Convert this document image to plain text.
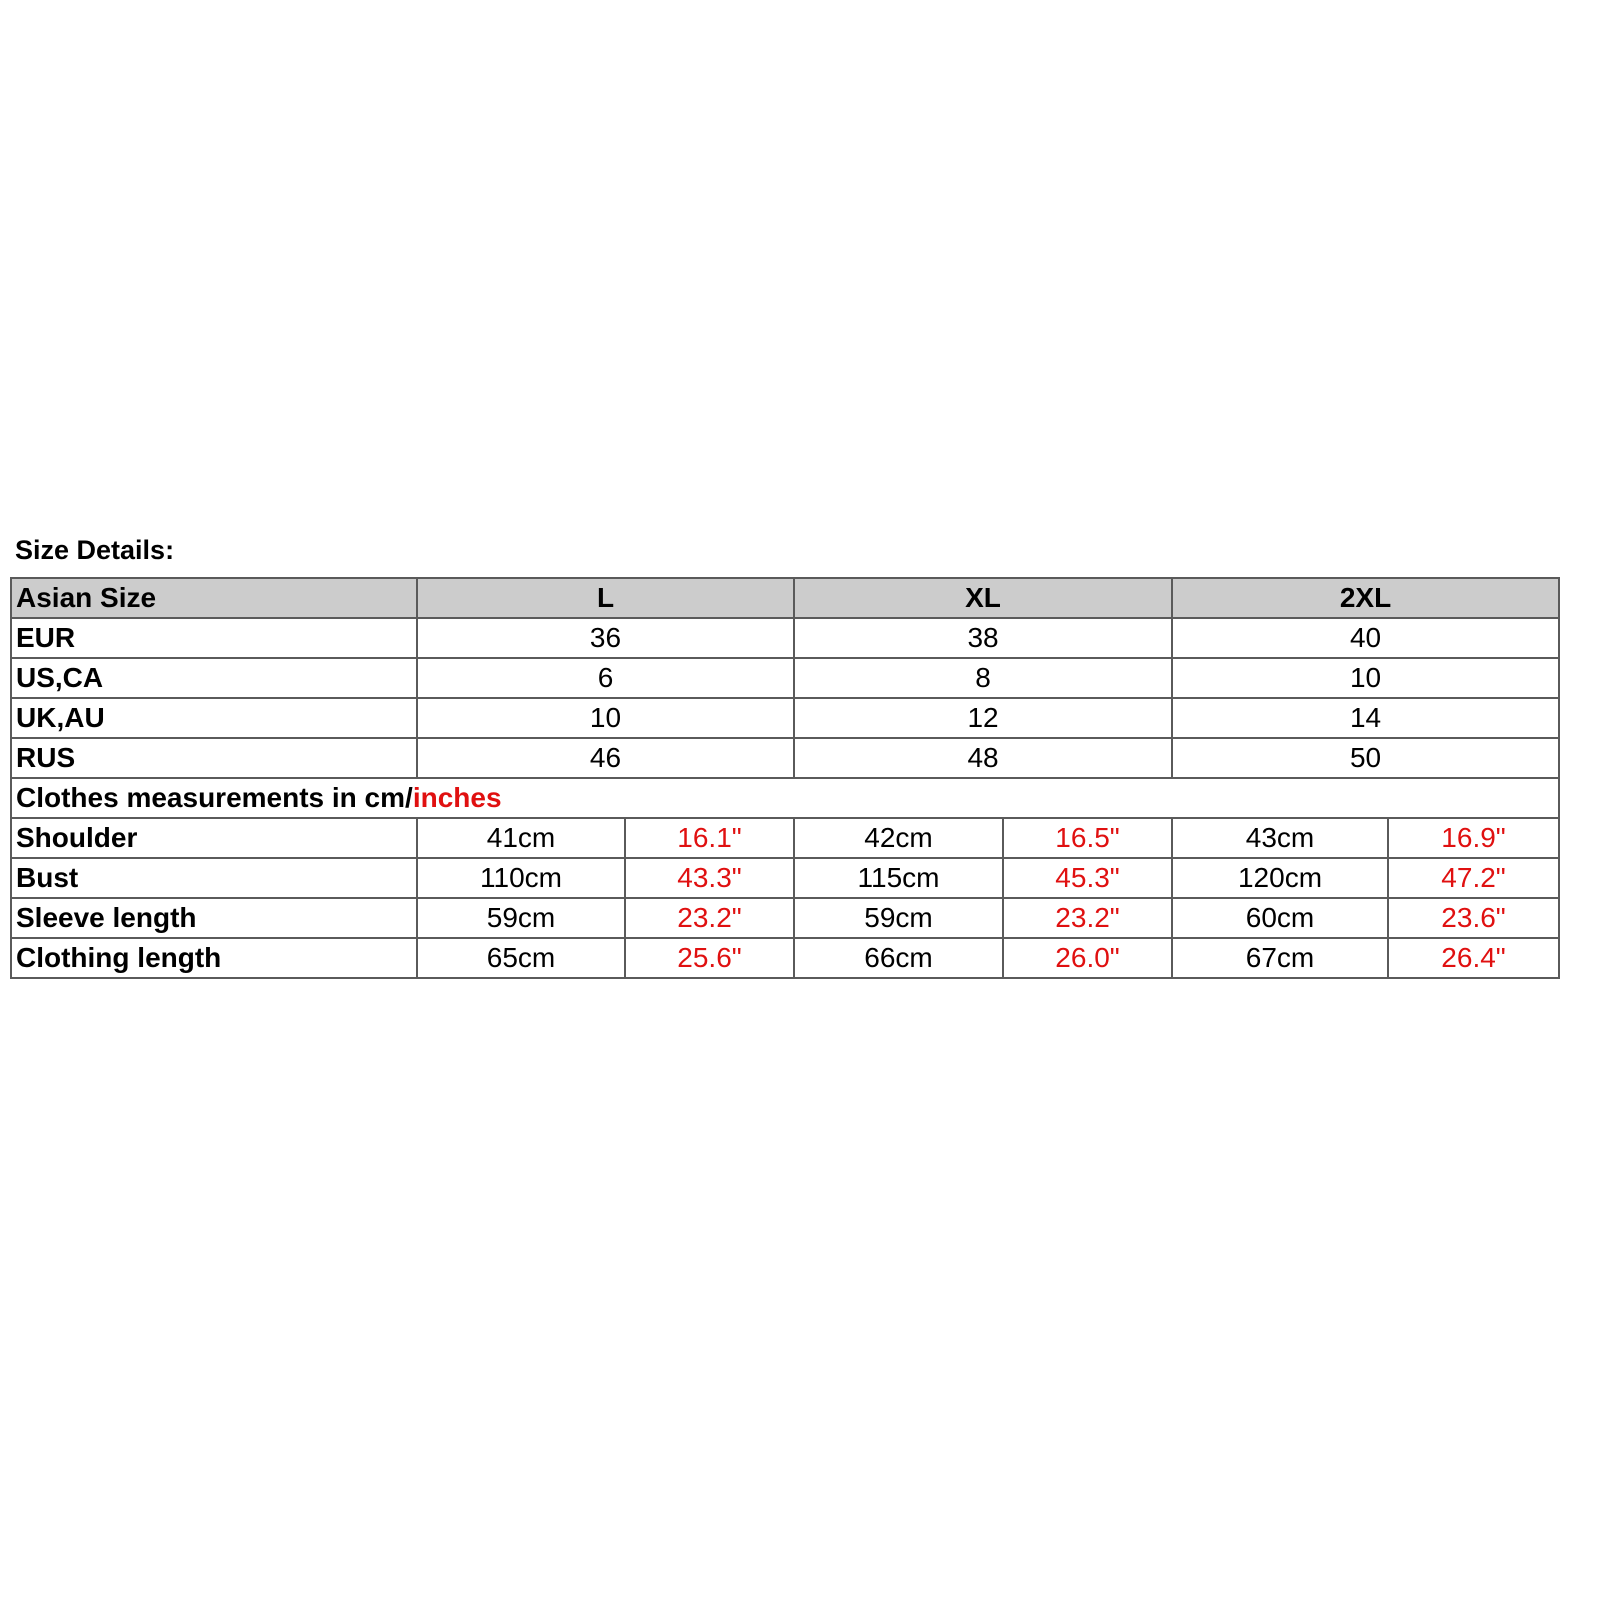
Size Details:
Asian Size	L		XL		2XL	
EUR	36		38		40	
US,CA	6		8		10	
UK,AU	10		12		14	
RUS	46		48		50	
Clothes measurements in cm/inches						
Shoulder	41cm	16.1"	42cm	16.5"	43cm	16.9"
Bust	110cm	43.3"	115cm	45.3"	120cm	47.2"
Sleeve length	59cm	23.2"	59cm	23.2"	60cm	23.6"
Clothing length	65cm	25.6"	66cm	26.0"	67cm	26.4"
